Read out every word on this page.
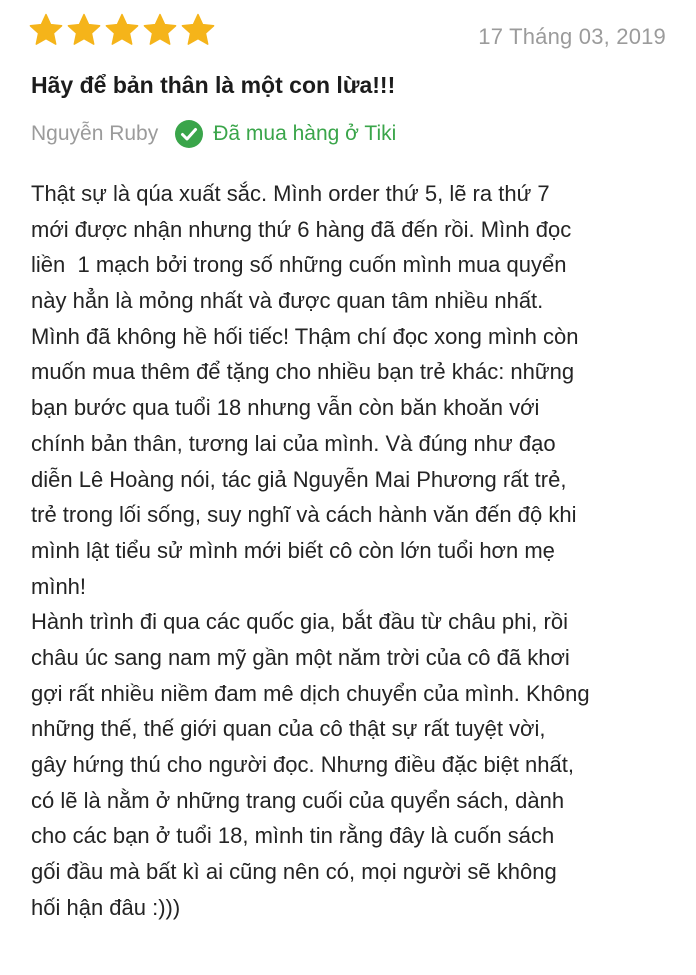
17 Tháng 03, 2019
Hãy để bản thân là một con lừa!!!
Nguyễn Ruby	Đã mua hàng ở Tiki
Thật sự là qúa xuất sắc. Mình order thứ 5, lẽ ra thứ 7
mới được nhận nhưng thứ 6 hàng đã đến rồi. Mình đọc
liền  1 mạch bởi trong số những cuốn mình mua quyển
này hẳn là mỏng nhất và được quan tâm nhiều nhất.
Mình đã không hề hối tiếc! Thậm chí đọc xong mình còn
muốn mua thêm để tặng cho nhiều bạn trẻ khác: những
bạn bước qua tuổi 18 nhưng vẫn còn băn khoăn với
chính bản thân, tương lai của mình. Và đúng như đạo
diễn Lê Hoàng nói, tác giả Nguyễn Mai Phương rất trẻ,
trẻ trong lối sống, suy nghĩ và cách hành văn đến độ khi
mình lật tiểu sử mình mới biết cô còn lớn tuổi hơn mẹ
mình!
Hành trình đi qua các quốc gia, bắt đầu từ châu phi, rồi
châu úc sang nam mỹ gần một năm trời của cô đã khơi
gợi rất nhiều niềm đam mê dịch chuyển của mình. Không
những thế, thế giới quan của cô thật sự rất tuyệt vời,
gây hứng thú cho người đọc. Nhưng điều đặc biệt nhất,
có lẽ là nằm ở những trang cuối của quyển sách, dành
cho các bạn ở tuổi 18, mình tin rằng đây là cuốn sách
gối đầu mà bất kì ai cũng nên có, mọi người sẽ không
hối hận đâu :)))
